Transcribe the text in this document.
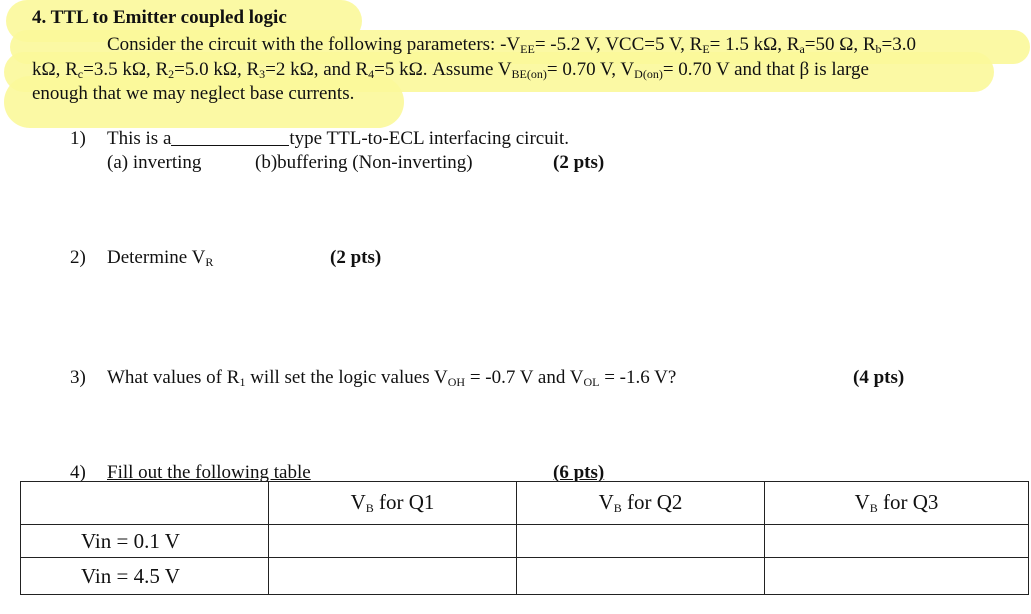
4. TTL to Emitter coupled logic
Consider the circuit with the following parameters: $-V_{EE}= -5.2$ V, VCC=5 V, $R_E= 1.5$ kΩ, $R_a=50$ Ω, $R_b=3.0$
kΩ, $R_c=3.5$ kΩ, $R_2=5.0$ kΩ, $R_3=2$ kΩ, and $R_4=5$ kΩ. Assume $V_{BE(on)}= 0.70$ V, $V_{D(on)}= 0.70$ V and that β is large
enough that we may neglect base currents.
1) This is a	type TTL-to-ECL interfacing circuit.
(a) inverting	(b)buffering (Non-inverting)	(2 pts)
2) Determine $V_R$	(2 pts)
3) What values of $R_1$ will set the logic values $V_{OH} = -0.7$ V and $V_{OL} = -1.6$ V?	(4 pts)
4) Fill out the following table	(6 pts)
	$V_B$ for Q1	$V_B$ for Q2	$V_B$ for Q3
Vin = 0.1 V			
Vin = 4.5 V			
